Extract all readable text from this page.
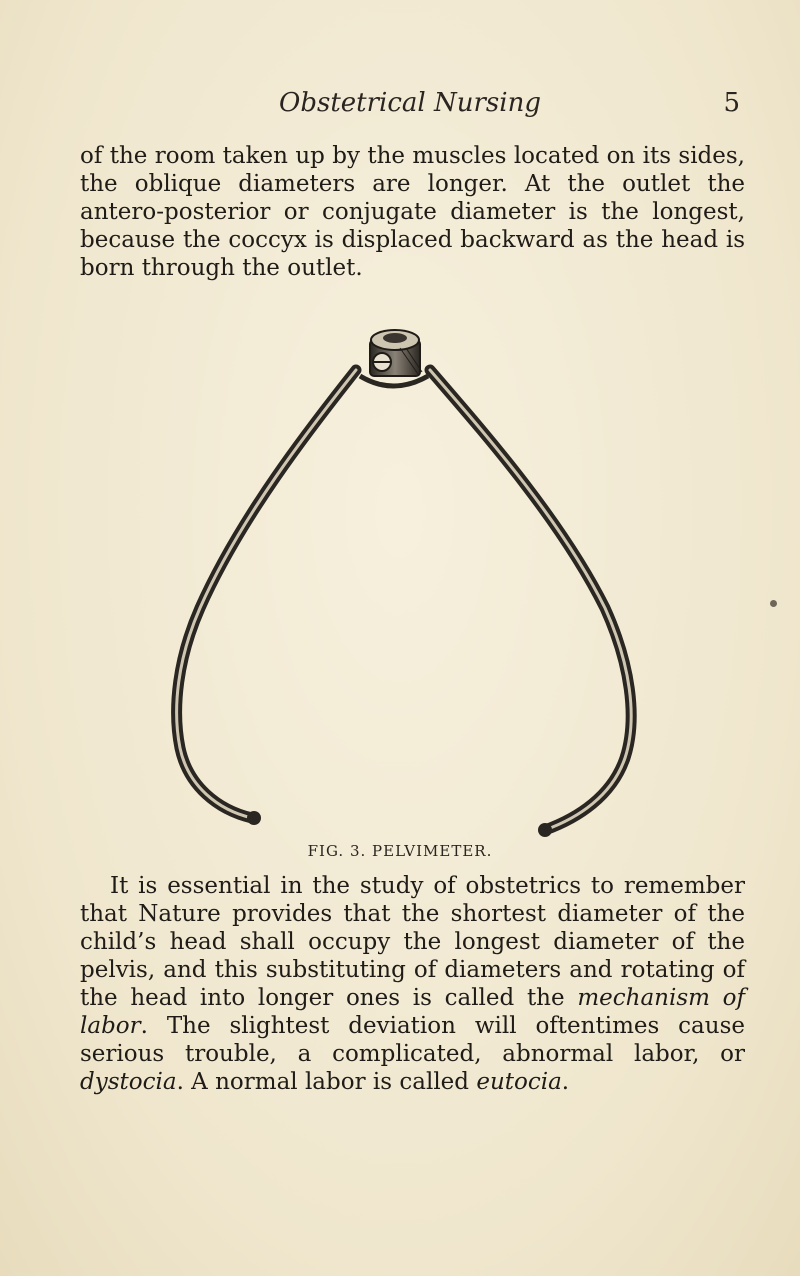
Obstetrical Nursing	5

of the room taken up by the muscles located on its sides, the oblique diameters are longer. At the outlet the antero-posterior or conjugate diameter is the longest, because the coccyx is displaced backward as the head is born through the outlet.

FIG. 3. PELVIMETER.

It is essential in the study of obstetrics to remember that Nature provides that the shortest diameter of the child’s head shall occupy the longest diameter of the pelvis, and this substituting of diameters and rotating of the head into longer ones is called the mechanism of labor. The slightest deviation will oftentimes cause serious trouble, a complicated, abnormal labor, or dystocia. A normal labor is called eutocia.
